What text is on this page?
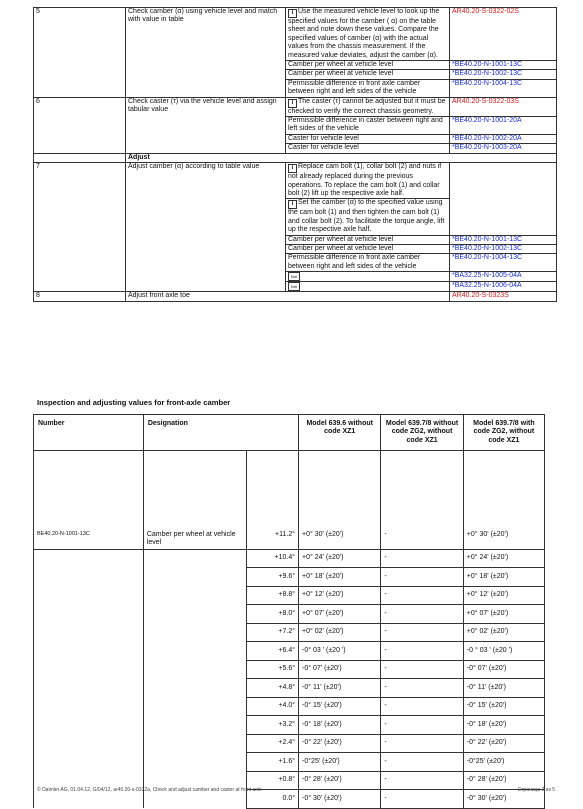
5	Check camber (α) using vehicle level and match with value in table	i Use the measured vehicle level to look up the specified values for the camber ( α) on the table sheet and note down these values. Compare the specified values of camber (α) with the actual values from the chassis measurement. If the measured value deviates, adjust the camber (α).	AR40.20-S-0322-02S
		Camber per wheel at vehicle level	*BE40.20-N-1001-13C
		Camber per wheel at vehicle level	*BE40.20-N-1002-13C
		Permissible difference in front axle camber between right and left sides of the vehicle	*BE40.20-N-1004-13C
6	Check caster (τ) via the vehicle level and assign tabular value	i The caster (τ) cannot be adjusted but it must be checked to verify the correct chassis geometry.	AR40.20-S-0322-03S
		Permissible difference in caster between right and left sides of the vehicle	*BE40.20-N-1001-20A
		Caster for vehicle level	*BE40.20-N-1002-20A
		Caster for vehicle level	*BE40.20-N-1003-20A
	Adjust		
7	Adjust camber (α) according to table value	i Replace cam bolt (1), collar bolt (2) and nuts if not already replaced during the previous operations. To replace the cam bolt (1) and collar bolt (2) lift up the respective axle half.	
		i Set the camber (α) to the specified value using the cam bolt (1) and then tighten the cam bolt (1) and collar bolt (2). To facilitate the torque angle, lift up the respective axle half.	
		Camber per wheel at vehicle level	*BE40.20-N-1001-13C
		Camber per wheel at vehicle level	*BE40.20-N-1002-13C
		Permissible difference in front axle camber between right and left sides of the vehicle	*BE40.20-N-1004-13C
		Nm	*BA32.25-N-1005-04A
		Nm	*BA32.25-N-1006-04A
8	Adjust front axle toe		AR40.20-S-0323S
Inspection and adjusting values for front-axle camber
Number	Designation		Model 639.6 without code XZ1	Model 639.7/8 without code ZG2, without code XZ1	Model 639.7/8 with code ZG2, without code XZ1
BE40.20-N-1001-13C	Camber per wheel at vehicle level	+11.2°	+0° 30' (±20')	-	+0° 30' (±20')
		+10.4°	+0° 24' (±20')	-	+0° 24' (±20')
		+9.6°	+0° 18' (±20')	-	+0° 18' (±20')
		+8.8°	+0° 12' (±20')	-	+0° 12' (±20')
		+8.0°	+0° 07' (±20')	-	+0° 07' (±20')
		+7.2°	+0° 02' (±20')	-	+0° 02' (±20')
		+6.4°	-0° 03 ' (±20 ')	-	-0 ° 03 ' (±20 ')
		+5.6°	-0° 07' (±20')	-	-0° 07' (±20')
		+4.8°	-0° 11' (±20')	-	-0° 11' (±20')
		+4.0°	-0° 15' (±20')	-	-0° 15' (±20')
		+3.2°	-0° 18' (±20')	-	-0° 18' (±20')
		+2.4°	-0° 22' (±20')	-	-0° 22' (±20')
		+1.6°	-0°25' (±20')	-	-0°25' (±20')
		+0.8°	-0° 28' (±20')	-	-0° 28' (±20')
		0.0°	-0° 30' (±20')	-	-0° 30' (±20')
© Daimler AG, 01.04.12, G/04/12, ar40.20-s-0322a, Check and adjust camber and caster at front axle	Страница 2 из 5
